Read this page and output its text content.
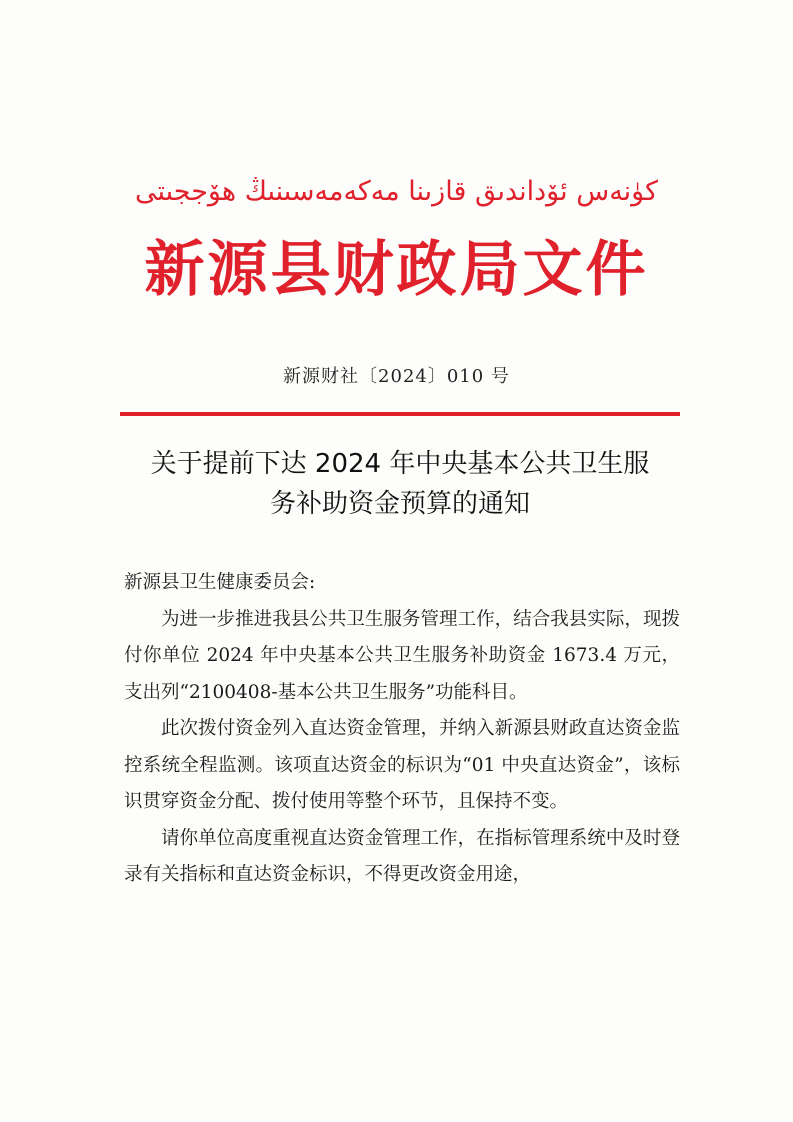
كۈنەس ئۆداندىق قازىنا مەكەمەسىنىڭ ھۆججىتى
新源县财政局文件
新源财社〔2024〕010 号
关于提前下达 2024 年中央基本公共卫生服
务补助资金预算的通知

新源县卫生健康委员会:

为进一步推进我县公共卫生服务管理工作，结合我县实际，现拨付你单位 2024 年中央基本公共卫生服务补助资金 1673.4 万元，支出列“2100408-基本公共卫生服务”功能科目。

此次拨付资金列入直达资金管理，并纳入新源县财政直达资金监控系统全程监测。该项直达资金的标识为“01 中央直达资金”，该标识贯穿资金分配、拨付使用等整个环节，且保持不变。

请你单位高度重视直达资金管理工作，在指标管理系统中及时登录有关指标和直达资金标识，不得更改资金用途，
